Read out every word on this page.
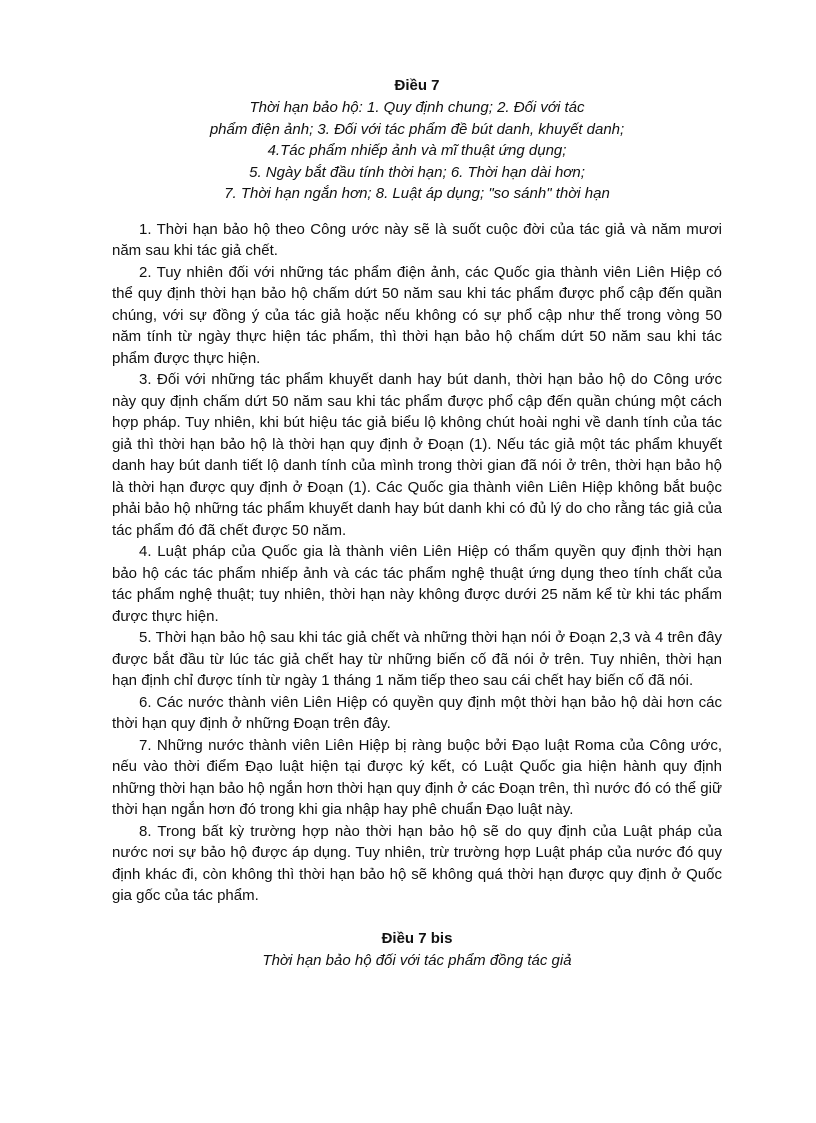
Điều 7
Thời hạn bảo hộ: 1. Quy định chung; 2. Đối với tác
phẩm điện ảnh; 3. Đối với tác phẩm đề bút danh, khuyết danh;
4.Tác phẩm nhiếp ảnh và mĩ thuật ứng dụng;
5. Ngày bắt đầu tính thời hạn; 6. Thời hạn dài hơn;
7. Thời hạn ngắn hơn; 8. Luật áp dụng; "so sánh" thời hạn

1. Thời hạn bảo hộ theo Công ước này sẽ là suốt cuộc đời của tác giả và năm mươi năm sau khi tác giả chết.

2. Tuy nhiên đối với những tác phẩm điện ảnh, các Quốc gia thành viên Liên Hiệp có thể quy định thời hạn bảo hộ chấm dứt 50 năm sau khi tác phẩm được phổ cập đến quần chúng, với sự đồng ý của tác giả hoặc nếu không có sự phổ cập như thế trong vòng 50 năm tính từ ngày thực hiện tác phẩm, thì thời hạn bảo hộ chấm dứt 50 năm sau khi tác phẩm được thực hiện.

3. Đối với những tác phẩm khuyết danh hay bút danh, thời hạn bảo hộ do Công ước này quy định chấm dứt 50 năm sau khi tác phẩm được phổ cập đến quần chúng một cách hợp pháp. Tuy nhiên, khi bút hiệu tác giả biểu lộ không chút hoài nghi về danh tính của tác giả thì thời hạn bảo hộ là thời hạn quy định ở Đoạn (1). Nếu tác giả một tác phẩm khuyết danh hay bút danh tiết lộ danh tính của mình trong thời gian đã nói ở trên, thời hạn bảo hộ là thời hạn được quy định ở Đoạn (1). Các Quốc gia thành viên Liên Hiệp không bắt buộc phải bảo hộ những tác phẩm khuyết danh hay bút danh khi có đủ lý do cho rằng tác giả của tác phẩm đó đã chết được 50 năm.

4. Luật pháp của Quốc gia là thành viên Liên Hiệp có thẩm quyền quy định thời hạn bảo hộ các tác phẩm nhiếp ảnh và các tác phẩm nghệ thuật ứng dụng theo tính chất của tác phẩm nghệ thuật; tuy nhiên, thời hạn này không được dưới 25 năm kể từ khi tác phẩm được thực hiện.

5. Thời hạn bảo hộ sau khi tác giả chết và những thời hạn nói ở Đoạn 2,3 và 4 trên đây được bắt đầu từ lúc tác giả chết hay từ những biến cố đã nói ở trên. Tuy nhiên, thời hạn hạn định chỉ được tính từ ngày 1 tháng 1 năm tiếp theo sau cái chết hay biến cố đã nói.

6. Các nước thành viên Liên Hiệp có quyền quy định một thời hạn bảo hộ dài hơn các thời hạn quy định ở những Đoạn trên đây.

7. Những nước thành viên Liên Hiệp bị ràng buộc bởi Đạo luật Roma của Công ước, nếu vào thời điểm Đạo luật hiện tại được ký kết, có Luật Quốc gia hiện hành quy định những thời hạn bảo hộ ngắn hơn thời hạn quy định ở các Đoạn trên, thì nước đó có thể giữ thời hạn ngắn hơn đó trong khi gia nhập hay phê chuẩn Đạo luật này.

8. Trong bất kỳ trường hợp nào thời hạn bảo hộ sẽ do quy định của Luật pháp của nước nơi sự bảo hộ được áp dụng. Tuy nhiên, trừ trường hợp Luật pháp của nước đó quy định khác đi, còn không thì thời hạn bảo hộ sẽ không quá thời hạn được quy định ở Quốc gia gốc của tác phẩm.

Điều 7 bis
Thời hạn bảo hộ đối với tác phẩm đồng tác giả
